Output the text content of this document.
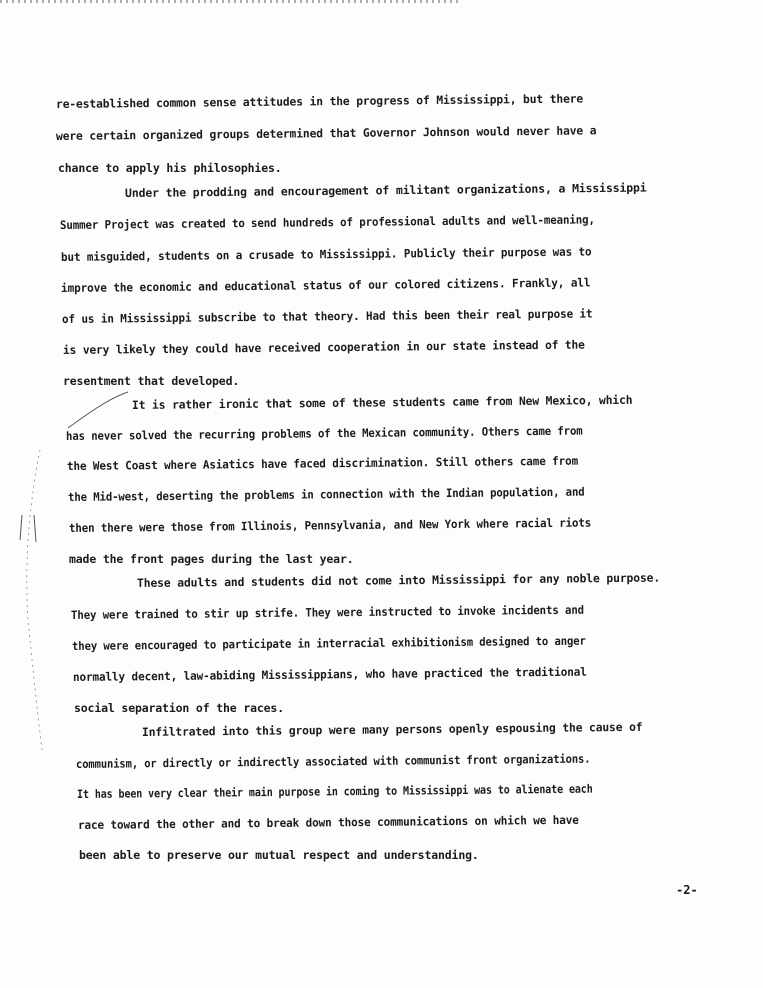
re-established common sense attitudes in the progress of Mississippi, but there
were certain organized groups determined that Governor Johnson would never have a
chance to apply his philosophies.
Under the prodding and encouragement of militant organizations, a Mississippi
Summer Project was created to send hundreds of professional adults and well-meaning,
but misguided, students on a crusade to Mississippi. Publicly their purpose was to
improve the economic and educational status of our colored citizens. Frankly, all
of us in Mississippi subscribe to that theory. Had this been their real purpose it
is very likely they could have received cooperation in our state instead of the
resentment that developed.
It is rather ironic that some of these students came from New Mexico, which
has never solved the recurring problems of the Mexican community. Others came from
the West Coast where Asiatics have faced discrimination. Still others came from
the Mid-west, deserting the problems in connection with the Indian population, and
then there were those from Illinois, Pennsylvania, and New York where racial riots
made the front pages during the last year.
These adults and students did not come into Mississippi for any noble purpose.
They were trained to stir up strife. They were instructed to invoke incidents and
they were encouraged to participate in interracial exhibitionism designed to anger
normally decent, law-abiding Mississippians, who have practiced the traditional
social separation of the races.
Infiltrated into this group were many persons openly espousing the cause of
communism, or directly or indirectly associated with communist front organizations.
It has been very clear their main purpose in coming to Mississippi was to alienate each
race toward the other and to break down those communications on which we have
been able to preserve our mutual respect and understanding.
-2-
